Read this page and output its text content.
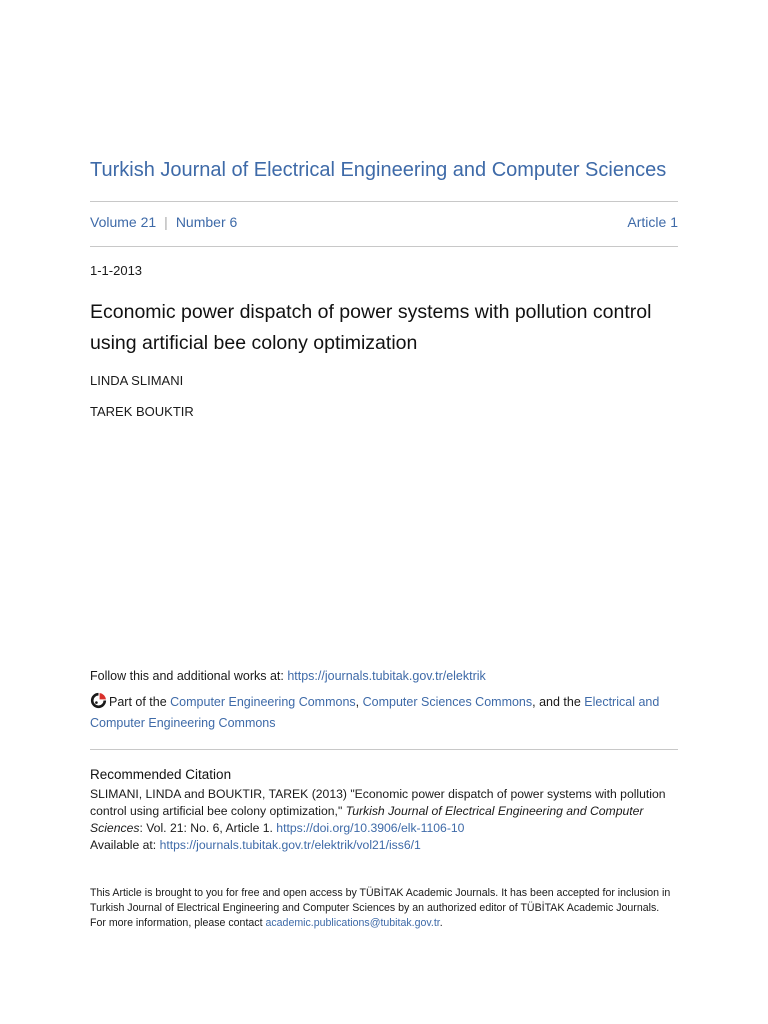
Turkish Journal of Electrical Engineering and Computer Sciences
Volume 21 | Number 6	Article 1
1-1-2013
Economic power dispatch of power systems with pollution control using artificial bee colony optimization
LINDA SLIMANI
TAREK BOUKTIR
Follow this and additional works at: https://journals.tubitak.gov.tr/elektrik
Part of the Computer Engineering Commons, Computer Sciences Commons, and the Electrical and Computer Engineering Commons
Recommended Citation
SLIMANI, LINDA and BOUKTIR, TAREK (2013) "Economic power dispatch of power systems with pollution control using artificial bee colony optimization," Turkish Journal of Electrical Engineering and Computer Sciences: Vol. 21: No. 6, Article 1. https://doi.org/10.3906/elk-1106-10
Available at: https://journals.tubitak.gov.tr/elektrik/vol21/iss6/1
This Article is brought to you for free and open access by TÜBİTAK Academic Journals. It has been accepted for inclusion in Turkish Journal of Electrical Engineering and Computer Sciences by an authorized editor of TÜBİTAK Academic Journals. For more information, please contact academic.publications@tubitak.gov.tr.
